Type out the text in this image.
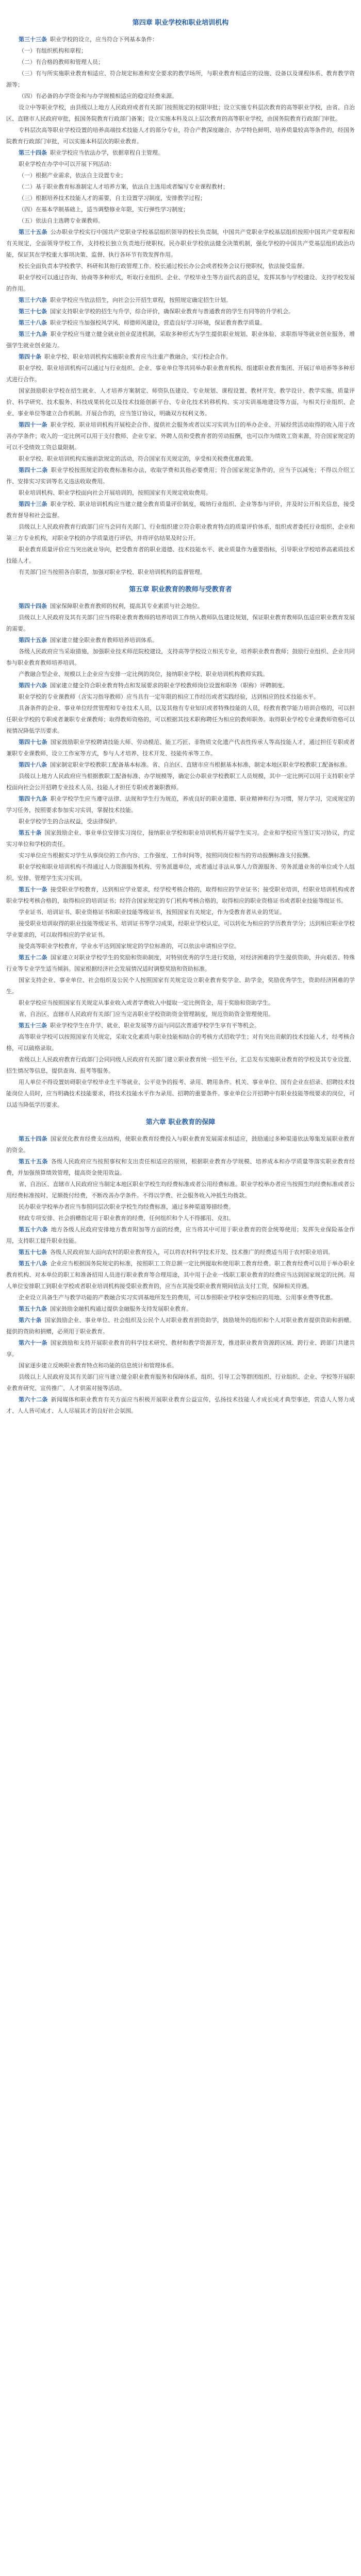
第四章 职业学校和职业培训机构

第三十三条 职业学校的设立，应当符合下列基本条件：

（一）有组织机构和章程；

（二）有合格的教师和管理人员；

（三）有与所实施职业教育相适应、符合规定标准和安全要求的教学场所，与职业教育相适应的设施、设备以及课程体系、教育教学资源等；

（四）有必备的办学资金和与办学规模相适应的稳定经费来源。

设立中等职业学校，由县级以上地方人民政府或者有关部门按照规定的权限审批；设立实施专科层次教育的高等职业学校，由省、自治区、直辖市人民政府审批，报国务院教育行政部门备案；设立实施本科及以上层次教育的高等职业学校，由国务院教育行政部门审批。

专科层次高等职业学校设置的培养高端技术技能人才的部分专业，符合产教深度融合、办学特色鲜明、培养质量较高等条件的，经国务院教育行政部门审批，可以实施本科层次的职业教育。

第三十四条 职业学校应当依法办学，依据章程自主管理。

职业学校在办学中可以开展下列活动：

（一）根据产业需求，依法自主设置专业；

（二）基于职业教育标准制定人才培养方案，依法自主选用或者编写专业课程教材；

（三）根据培养技术技能人才的需要，自主设置学习制度，安排教学过程；

（四）在基本学制基础上，适当调整修业年限，实行弹性学习制度；

（五）依法自主选聘专业课教师。

第三十五条 公办职业学校实行中国共产党职业学校基层组织领导的校长负责制，中国共产党职业学校基层组织按照中国共产党章程和有关规定，全面领导学校工作，支持校长独立负责地行使职权。民办职业学校依法健全决策机制，强化学校的中国共产党基层组织政治功能，保证其在学校重大事项决策、监督、执行各环节有效发挥作用。

校长全面负责本学校教学、科研和其他行政管理工作。校长通过校长办公会或者校务会议行使职权，依法接受监督。

职业学校可以通过咨询、协商等多种形式，听取行业组织、企业、学校毕业生等方面代表的意见，发挥其参与学校建设、支持学校发展的作用。

第三十六条 职业学校应当依法招生，向社会公开招生章程，按照规定确定招生计划。

第三十七条 国家支持职业学校的招生与升学，综合评价，确保职业教育与普通教育的学生有同等的升学机会。

第三十八条 职业学校应当加强校风学风、师德师风建设，营造良好学习环境，保证教育教学质量。

第三十九条 职业学校应当建立健全就业创业促进机制，采取多种形式为学生提供职业规划、职业体验、求职指导等就业创业服务，增强学生就业创业能力。

第四十条 职业学校、职业培训机构实施职业教育应当注重产教融合，实行校企合作。

职业学校、职业培训机构可以通过与行业组织、企业、事业单位等共同举办职业教育机构、组建职业教育集团、开展订单培养等多种形式进行合作。

国家鼓励职业学校在招生就业、人才培养方案制定、师资队伍建设、专业规划、课程设置、教材开发、教学设计、教学实施、质量评价、科学研究、技术服务、科技成果转化以及技术技能创新平台、专业化技术转移机构、实习实训基地建设等方面，与相关行业组织、企业、事业单位等建立合作机制。开展合作的，应当签订协议，明确双方权利义务。

第四十一条 职业学校、职业培训机构开展校企合作、提供社会服务或者以实习实训为目的举办企业、开展经营活动取得的收入用于改善办学条件；收入的一定比例可以用于支付教师、企业专家、外聘人员和受教育者的劳动报酬，也可以作为绩效工资来源，符合国家规定的可以不受绩效工资总量限制。

职业学校、职业培训机构实施前款规定的活动，符合国家有关规定的，享受相关税费优惠政策。

第四十二条 职业学校按照规定的收费标准和办法，收取学费和其他必要费用；符合国家规定条件的，应当予以减免；不得以介绍工作、安排实习实训等名义违法收取费用。

职业培训机构、职业学校面向社会开展培训的，按照国家有关规定收取费用。

第四十三条 职业学校、职业培训机构应当建立健全教育质量评价制度，吸纳行业组织、企业等参与评价，并及时公开相关信息，接受教育督导和社会监督。

县级以上人民政府教育行政部门应当会同有关部门、行业组织建立符合职业教育特点的质量评价体系，组织或者委托行业组织、企业和第三方专业机构，对职业学校的办学质量进行评估，并将评估结果及时公开。

职业教育质量评价应当突出就业导向，把受教育者的职业道德、技术技能水平、就业质量作为重要指标，引导职业学校培养高素质技术技能人才。

有关部门应当按照各自职责，加强对职业学校、职业培训机构的监督管理。

第五章 职业教育的教师与受教育者

第四十四条 国家保障职业教育教师的权利，提高其专业素质与社会地位。

县级以上人民政府及其有关部门应当将职业教育教师的培养培训工作纳入教师队伍建设规划，保证职业教育教师队伍适应职业教育发展的需要。

第四十五条 国家建立健全职业教育教师培养培训体系。

各级人民政府应当采取措施，加强职业技术师范院校建设，支持高等学校设立相关专业，培养职业教育教师；鼓励行业组织、企业共同参与职业教育教师培养培训。

产教融合型企业、规模以上企业应当安排一定比例的岗位，接纳职业学校、职业培训机构教师实践。

第四十六条 国家建立健全符合职业教育特点和发展要求的职业学校教师岗位设置和职务（职称）评聘制度。

职业学校的专业课教师（含实习指导教师）应当具有一定年限的相应工作经历或者实践经验，达到相应的技术技能水平。

具备条件的企业、事业单位经营管理和专业技术人员，以及其他有专业知识或者特殊技能的人员，经教育教学能力培训合格的，可以担任职业学校的专职或者兼职专业课教师；取得教师资格的，可以根据其技术职称聘任为相应的教师职务。取得职业学校专业课教师资格可以视情况降低学历要求。

第四十七条 国家鼓励职业学校聘请技能大师、劳动模范、能工巧匠、非物质文化遗产代表性传承人等高技能人才，通过担任专职或者兼职专业课教师、设立工作室等方式，参与人才培养、技术开发、技能传承等工作。

第四十八条 国家制定职业学校教职工配备基本标准。省、自治区、直辖市应当根据基本标准，制定本地区职业学校教职工配备标准。

县级以上地方人民政府应当根据教职工配备标准、办学规模等，确定公办职业学校教职工人员规模，其中一定比例可以用于支持职业学校面向社会公开招聘专业技术人员、技能人才担任专职或者兼职教师。

第四十九条 职业学校学生应当遵守法律、法规和学生行为规范，养成良好的职业道德、职业精神和行为习惯，努力学习，完成规定的学习任务，按照要求参加实习实训，掌握技术技能。

职业学校学生的合法权益，受法律保护。

第五十条 国家鼓励企业、事业单位安排实习岗位，接纳职业学校和职业培训机构开展学生实习。企业和学校应当签订实习协议，约定实习单位和学校的责任。

实习单位应当根据实习学生从事岗位的工作内容、工作强度、工作时间等，按照同岗位相当的劳动报酬标准支付报酬。

职业学校和职业培训机构不得通过人力资源服务机构、劳务派遣单位，或者通过非法从事人力资源服务、劳务派遣业务的单位或个人组织、安排、管理学生实习实训。

第五十一条 接受职业学校教育，达到相应学业要求，经学校考核合格的，取得相应的学业证书；接受职业培训，经职业培训机构或者职业学校考核合格的，取得相应的培训证书；经符合国家规定的专门机构考核合格的，取得相应的职业资格证书或者职业技能等级证书。

学业证书、培训证书、职业资格证书和职业技能等级证书，按照国家有关规定，作为受教育者从业的凭证。

接受职业培训取得的职业技能等级证书、培训证书等学习成果，经职业学校认定，可以转化为相应的学历教育学分；达到相应职业学校学业要求的，可以取得相应的学业证书。

接受高等职业学校教育，学业水平达到国家规定的学位标准的，可以依法申请相应学位。

第五十二条 国家建立对职业学校学生的奖励和资助制度，对特别优秀的学生进行奖励，对经济困难的学生提供资助，并向艰苦、特殊行业等专业学生适当倾斜。国家根据经济社会发展情况适时调整奖励和资助标准。

国家支持企业、事业单位、社会组织及公民个人按照国家有关规定设立职业教育奖学金、助学金，奖励优秀学生，资助经济困难的学生。

职业学校应当按照国家有关规定从事业收入或者学费收入中提取一定比例资金，用于奖励和资助学生。

省、自治区、直辖市人民政府有关部门应当完善职业学校资助资金管理制度，规范资助资金管理使用。

第五十三条 职业学校学生在升学、就业、职业发展等方面与同层次普通学校学生享有平等机会。

高等职业学校可以按照国家有关规定，采取文化素质与职业技能相结合的考核方式招收学生；对有突出贡献的技术技能人才，经考核合格，可以破格录取。

省级以上人民政府教育行政部门会同同级人民政府有关部门建立职业教育统一招生平台，汇总发布实施职业教育的学校及其专业设置、招生情况等信息，提供查询、报考等服务。

用人单位不得设置妨碍职业学校毕业生平等就业、公平竞争的报考、录用、聘用条件。机关、事业单位、国有企业在招录、招聘技术技能岗位人员时，应当明确技术技能要求，将技术技能水平作为录用、招聘的重要条件。事业单位公开招聘中有职业技能等级要求的岗位，可以适当降低学历要求。

第六章 职业教育的保障

第五十四条 国家优化教育经费支出结构，使职业教育经费投入与职业教育发展需求相适应，鼓励通过多种渠道依法筹集发展职业教育的资金。

第五十五条 各级人民政府应当按照事权和支出责任相适应的原则，根据职业教育办学规模、培养成本和办学质量等落实职业教育经费，并加强预算绩效管理，提高资金使用效益。

省、自治区、直辖市人民政府应当制定本地区职业学校生均经费标准或者公用经费标准。职业学校举办者应当按照生均经费标准或者公用经费标准按时、足额拨付经费，不断改善办学条件。不得以学费、社会服务收入冲抵生均拨款。

民办职业学校举办者应当参照同层次职业学校生均经费标准，通过多种渠道筹措经费。

财政专项安排、社会捐赠指定用于职业教育的经费，任何组织和个人不得挪用、克扣。

第五十六条 地方各级人民政府安排地方教育附加等方面的经费，应当将其中可用于职业教育的资金统筹使用；发挥失业保险基金作用，支持职工提升职业技能。

第五十七条 各级人民政府加大面向农村的职业教育投入，可以将农村科学技术开发、技术推广的经费适当用于农村职业培训。

第五十八条 企业应当根据国务院规定的标准，按照职工工资总额一定比例提取和使用职工教育经费。职工教育经费可以用于举办职业教育机构、对本单位的职工和准备招用人员进行职业教育等合理用途，其中用于企业一线职工职业教育的经费应当达到国家规定的比例。用人单位安排职工到职业学校或者职业培训机构接受职业教育的，应当在其接受职业教育期间依法支付工资，保障相关待遇。

企业设立具备生产与教学功能的产教融合实习实训基地所发生的费用，可以参照职业学校享受相应的用地、公用事业费等优惠。

第五十九条 国家鼓励金融机构通过提供金融服务支持发展职业教育。

第六十条 国家鼓励企业、事业单位、社会组织及公民个人对职业教育捐资助学，鼓励境外的组织和个人对职业教育提供资助和捐赠。提供的资助和捐赠，必须用于职业教育。

第六十一条 国家鼓励和支持开展职业教育的科学技术研究、教材和教学资源开发，推进职业教育资源跨区域、跨行业、跨部门共建共享。

国家逐步建立反映职业教育特点和功能的信息统计和管理体系。

县级以上人民政府及其有关部门应当建立健全职业教育服务和保障体系，组织、引导工会等群团组织、行业组织、企业、学校等开展职业教育研究、宣传推广、人才供需对接等活动。

第六十二条 新闻媒体和职业教育有关方面应当积极开展职业教育公益宣传，弘扬技术技能人才成长成才典型事迹，营造人人努力成才、人人皆可成才、人人尽展其才的良好社会氛围。
